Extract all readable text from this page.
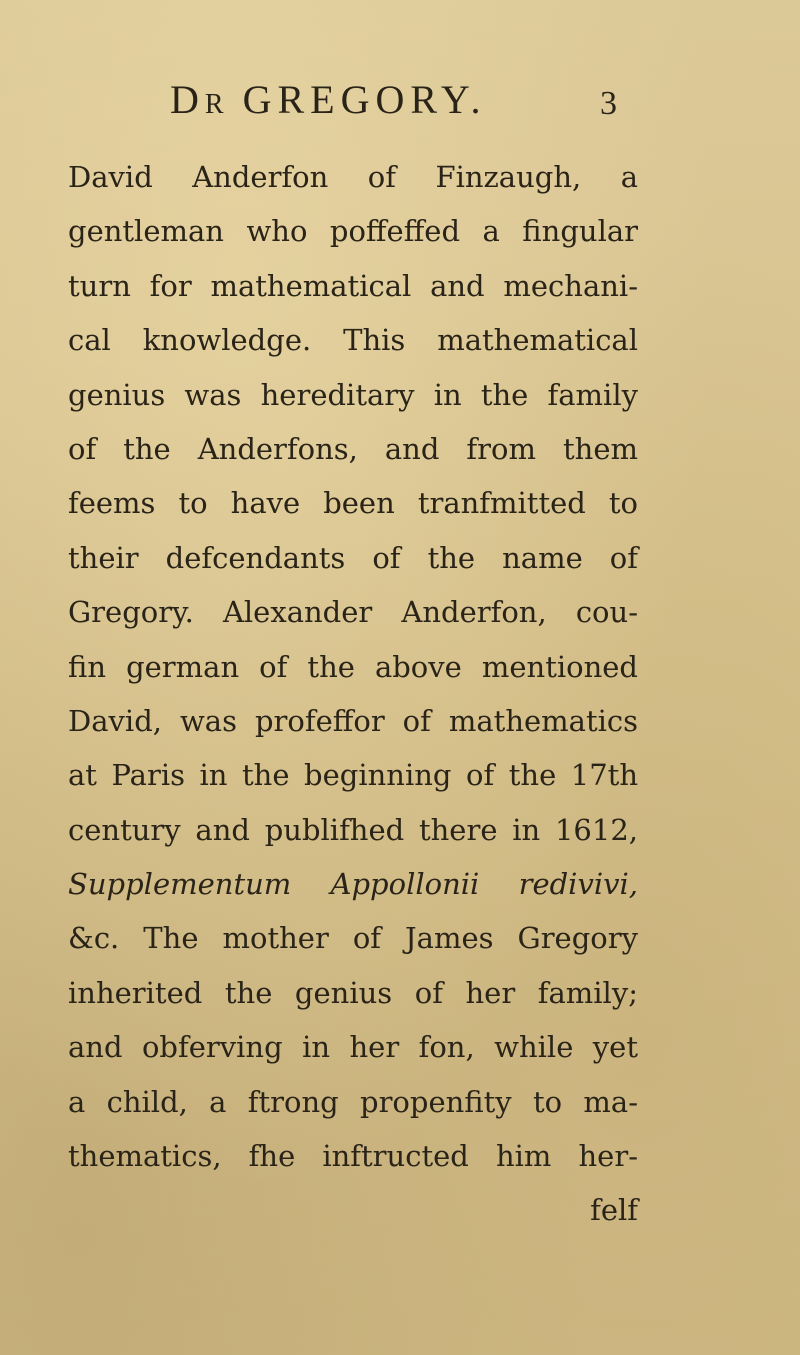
DR GREGORY.	3
David Anderfon of Finzaugh, a
gentleman who poffeffed a fingular
turn for mathematical and mechani-
cal knowledge. This mathematical
genius was hereditary in the family
of the Anderfons, and from them
feems to have been tranfmitted to
their defcendants of the name of
Gregory. Alexander Anderfon, cou-
fin german of the above mentioned
David, was profeffor of mathematics
at Paris in the beginning of the 17th
century and publifhed there in 1612,
Supplementum Appollonii redivivi,
&c. The mother of James Gregory
inherited the genius of her family;
and obferving in her fon, while yet
a child, a ftrong propenfity to ma-
thematics, fhe inftructed him her-
felf
